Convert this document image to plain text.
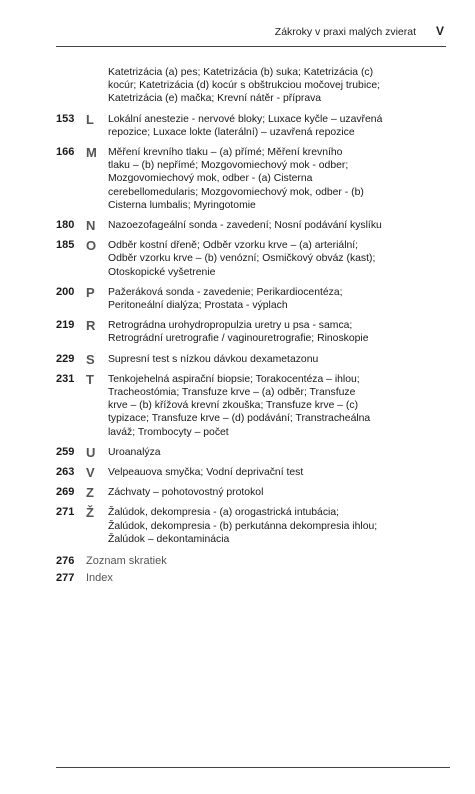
Zákroky v praxi malých zvierat V
Katetrizácia (a) pes; Katetrizácia (b) suka; Katetrizácia (c)
kocúr; Katetrizácia (d) kocúr s obštrukciou močovej trubice;
Katetrizácia (e) mačka; Krevní nátěr - příprava
153 L Lokální anestezie - nervové bloky; Luxace kyčle – uzavřená
repozice; Luxace lokte (laterální) – uzavřená repozice
166 M Měření krevního tlaku – (a) přímé; Měření krevního
tlaku – (b) nepřímé; Mozgovomiechový mok - odber;
Mozgovomiechový mok, odber - (a) Cisterna
cerebellomedularis; Mozgovomiechový mok, odber - (b)
Cisterna lumbalis; Myringotomie
180 N Nazoezofageální sonda - zavedení; Nosní podávání kyslíku
185 O Odběr kostní dřeně; Odběr vzorku krve – (a) arteriální;
Odběr vzorku krve – (b) venózní; Osmičkový obváz (kast);
Otoskopické vyšetrenie
200 P Pažeráková sonda - zavedenie; Perikardiocentéza;
Peritoneální dialýza; Prostata - výplach
219 R Retrográdna urohydropropulzia uretry u psa - samca;
Retrográdní uretrografie / vaginouretrografie; Rinoskopie
229 S Supresní test s nízkou dávkou dexametazonu
231 T Tenkojehelná aspirační biopsie; Torakocentéza – ihlou;
Tracheostómia; Transfuze krve – (a) odběr; Transfuze
krve – (b) křížová krevní zkouška; Transfuze krve – (c)
typizace; Transfuze krve – (d) podávání; Transtracheálna
laváž; Trombocyty – počet
259 U Uroanalýza
263 V Velpeauova smyčka; Vodní deprivační test
269 Z Záchvaty – pohotovostný protokol
271 Ž Žalúdok, dekompresia - (a) orogastrická intubácia;
Žalúdok, dekompresia - (b) perkutánna dekompresia ihlou;
Žalúdok – dekontaminácia
276 Zoznam skratiek
277 Index
